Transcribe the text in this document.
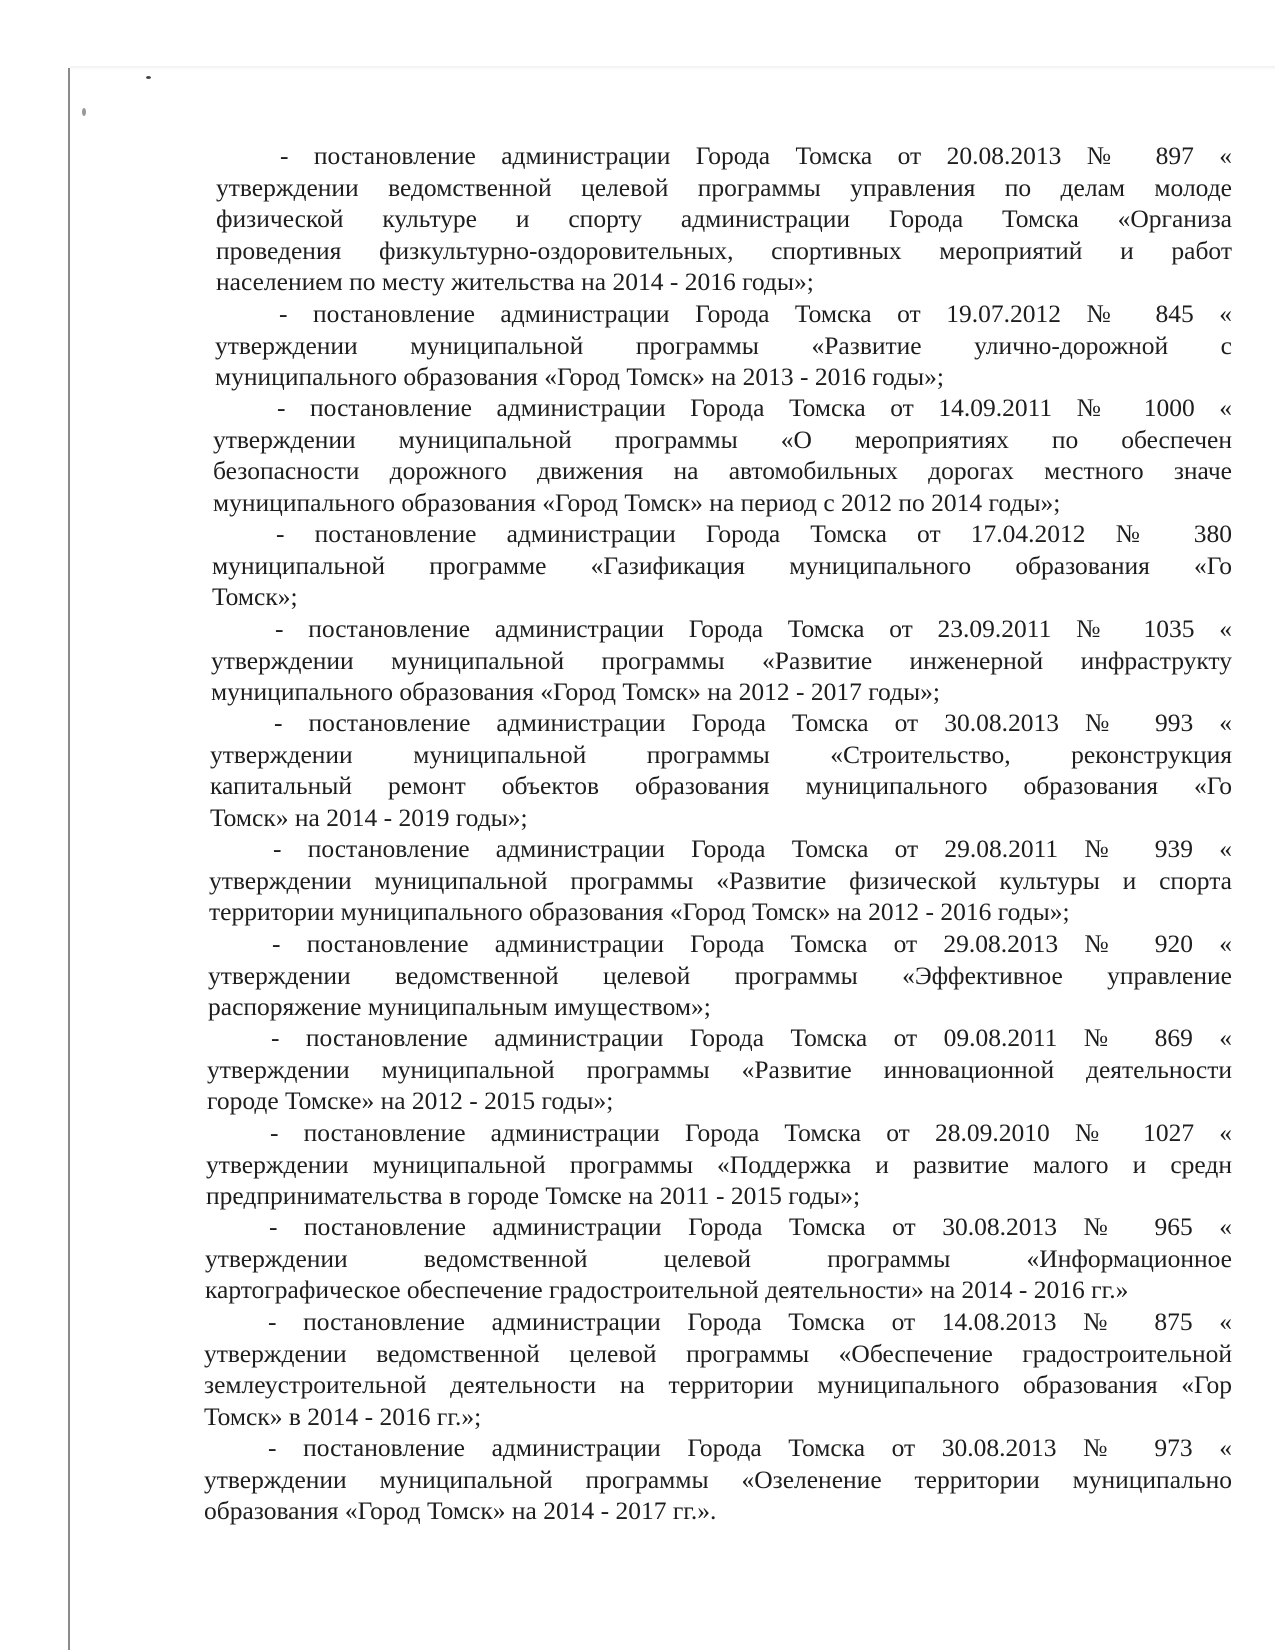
- постановление администрации Города Томска от 20.08.2013 № 897 «
утверждении ведомственной целевой программы управления по делам молоде
физической культуре и спорту администрации Города Томска «Организа
проведения физкультурно-оздоровительных, спортивных мероприятий и работ
населением по месту жительства на 2014 - 2016 годы»;
- постановление администрации Города Томска от 19.07.2012 № 845 «
утверждении муниципальной программы «Развитие улично-дорожной с
муниципального образования «Город Томск» на 2013 - 2016 годы»;
- постановление администрации Города Томска от 14.09.2011 № 1000 «
утверждении муниципальной программы «О мероприятиях по обеспечен
безопасности дорожного движения на автомобильных дорогах местного значе
муниципального образования «Город Томск» на период с 2012 по 2014 годы»;
- постановление администрации Города Томска от 17.04.2012 № 380
муниципальной программе «Газификация муниципального образования «Го
Томск»;
- постановление администрации Города Томска от 23.09.2011 № 1035 «
утверждении муниципальной программы «Развитие инженерной инфраструкту
муниципального образования «Город Томск» на 2012 - 2017 годы»;
- постановление администрации Города Томска от 30.08.2013 № 993 «
утверждении муниципальной программы «Строительство, реконструкция
капитальный ремонт объектов образования муниципального образования «Го
Томск» на 2014 - 2019 годы»;
- постановление администрации Города Томска от 29.08.2011 № 939 «
утверждении муниципальной программы «Развитие физической культуры и спорта
территории муниципального образования «Город Томск» на 2012 - 2016 годы»;
- постановление администрации Города Томска от 29.08.2013 № 920 «
утверждении ведомственной целевой программы «Эффективное управление
распоряжение муниципальным имуществом»;
- постановление администрации Города Томска от 09.08.2011 № 869 «
утверждении муниципальной программы «Развитие инновационной деятельности
городе Томске» на 2012 - 2015 годы»;
- постановление администрации Города Томска от 28.09.2010 № 1027 «
утверждении муниципальной программы «Поддержка и развитие малого и средн
предпринимательства в городе Томске на 2011 - 2015 годы»;
- постановление администрации Города Томска от 30.08.2013 № 965 «
утверждении ведомственной целевой программы «Информационное
картографическое обеспечение градостроительной деятельности» на 2014 - 2016 гг.»
- постановление администрации Города Томска от 14.08.2013 № 875 «
утверждении ведомственной целевой программы «Обеспечение градостроительной
землеустроительной деятельности на территории муниципального образования «Гор
Томск» в 2014 - 2016 гг.»;
- постановление администрации Города Томска от 30.08.2013 № 973 «
утверждении муниципальной программы «Озеленение территории муниципально
образования «Город Томск» на 2014 - 2017 гг.».
